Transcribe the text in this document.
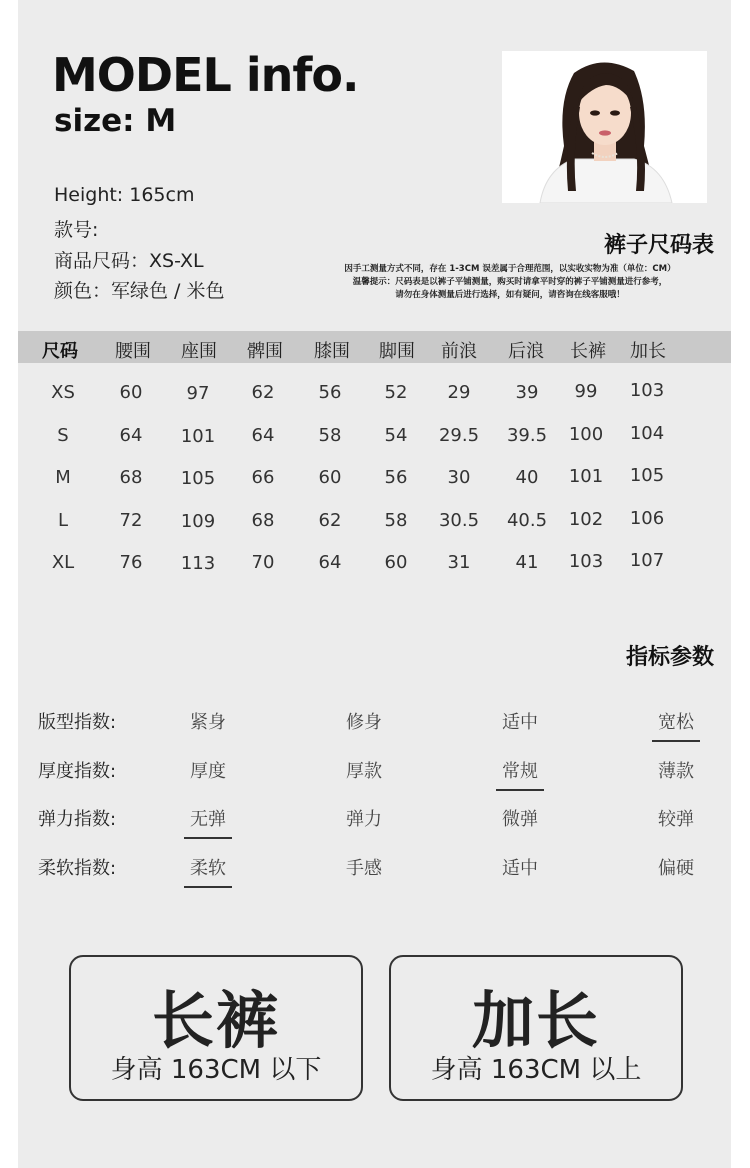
MODEL info.
size: M
Height: 165cm
款号:
商品尺码：XS-XL
颜色：军绿色 / 米色
裤子尺码表
因手工测量方式不同，存在 1-3CM 误差属于合理范围，以实收实物为准（单位：CM）
温馨提示：尺码表是以裤子平铺测量，购买时请拿平时穿的裤子平铺测量进行参考，
请勿在身体测量后进行选择，如有疑问，请咨询在线客服哦！
尺码 腰围 座围 髀围 膝围 脚围 前浪 后浪 长裤 加长
XS 60 97 62 56 52 29	39 99 103
S	64 101 64 58 54 29.5 39.5 100 104
M	68 105 66 60 56 30	40 101 105
L	72 109 68 62 58 30.5 40.5 102 106
XL	76 113 70 64 60 31	41 103 107
指标参数
版型指数:	紧身	修身	适中	宽松
厚度指数:	厚度	厚款	常规	薄款
弹力指数:	无弹	弹力	微弹	较弹
柔软指数:	柔软	手感	适中	偏硬
长裤
身高 163CM 以下
加长
身高 163CM 以上
